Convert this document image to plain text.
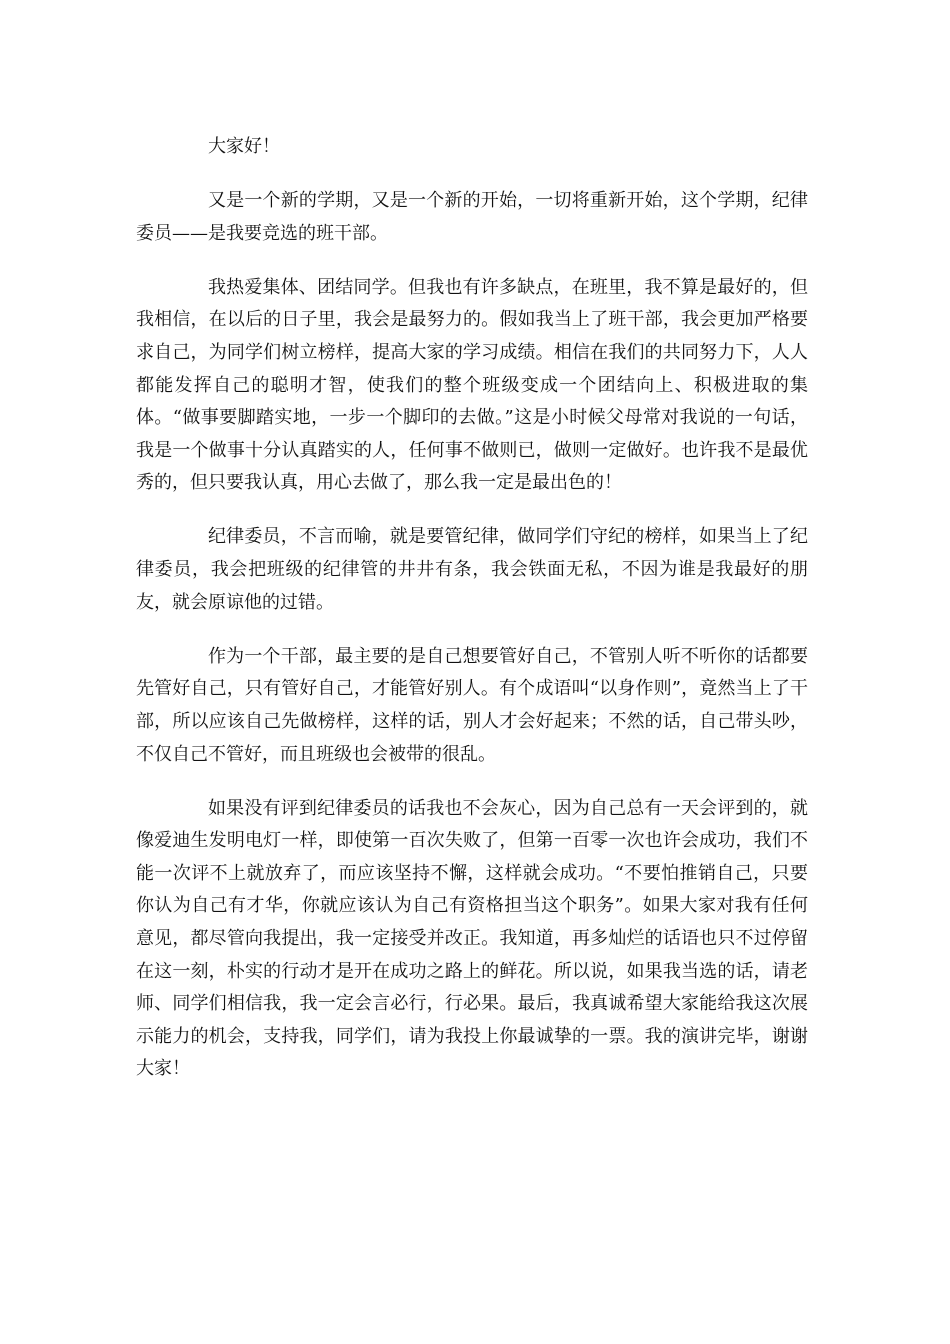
大家好！

又是一个新的学期，又是一个新的开始，一切将重新开始，这个学期，纪律委员——是我要竞选的班干部。

我热爱集体、团结同学。但我也有许多缺点，在班里，我不算是最好的，但我相信，在以后的日子里，我会是最努力的。假如我当上了班干部，我会更加严格要求自己，为同学们树立榜样，提高大家的学习成绩。相信在我们的共同努力下，人人都能发挥自己的聪明才智，使我们的整个班级变成一个团结向上、积极进取的集体。“做事要脚踏实地，一步一个脚印的去做。”这是小时候父母常对我说的一句话，我是一个做事十分认真踏实的人，任何事不做则已，做则一定做好。也许我不是最优秀的，但只要我认真，用心去做了，那么我一定是最出色的！

纪律委员，不言而喻，就是要管纪律，做同学们守纪的榜样，如果当上了纪律委员，我会把班级的纪律管的井井有条，我会铁面无私，不因为谁是我最好的朋友，就会原谅他的过错。

作为一个干部，最主要的是自己想要管好自己，不管别人听不听你的话都要先管好自己，只有管好自己，才能管好别人。有个成语叫“以身作则”，竟然当上了干部，所以应该自己先做榜样，这样的话，别人才会好起来；不然的话，自己带头吵，不仅自己不管好，而且班级也会被带的很乱。

如果没有评到纪律委员的话我也不会灰心，因为自己总有一天会评到的，就像爱迪生发明电灯一样，即使第一百次失败了，但第一百零一次也许会成功，我们不能一次评不上就放弃了，而应该坚持不懈，这样就会成功。“不要怕推销自己，只要你认为自己有才华，你就应该认为自己有资格担当这个职务”。如果大家对我有任何意见，都尽管向我提出，我一定接受并改正。我知道，再多灿烂的话语也只不过停留在这一刻，朴实的行动才是开在成功之路上的鲜花。所以说，如果我当选的话，请老师、同学们相信我，我一定会言必行，行必果。最后，我真诚希望大家能给我这次展示能力的机会，支持我，同学们，请为我投上你最诚挚的一票。我的演讲完毕，谢谢大家！
